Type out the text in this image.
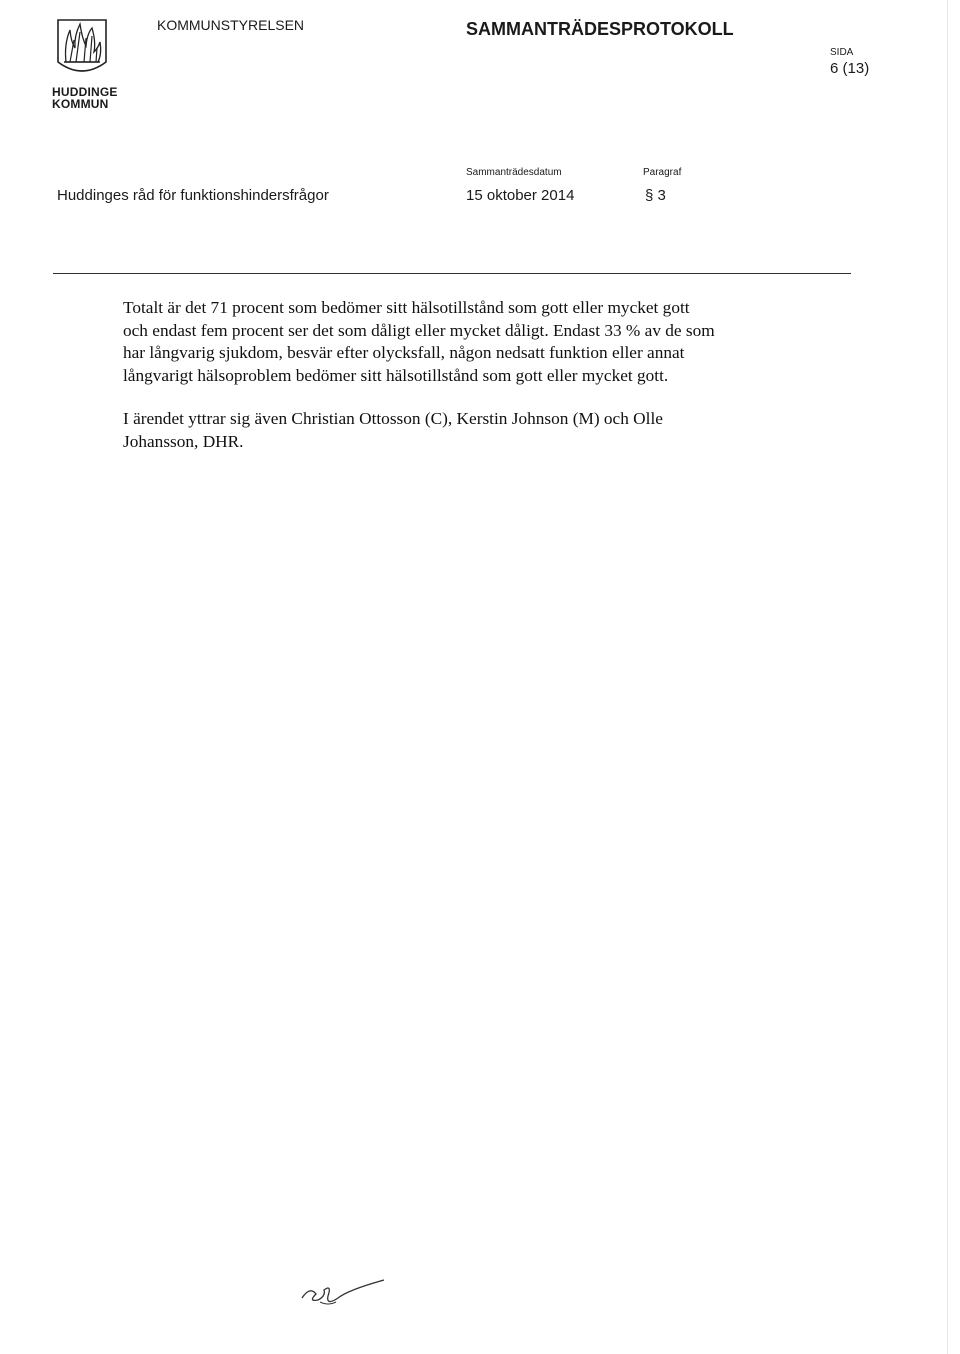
HUDDINGE
KOMMUN
KOMMUNSTYRELSEN	SAMMANTRÄDESPROTOKOLL
SIDA
6 (13)
Huddinges råd för funktionshindersfrågor
Sammanträdesdatum
15 oktober 2014
Paragraf
§ 3

Totalt är det 71 procent som bedömer sitt hälsotillstånd som gott eller mycket gott

och endast fem procent ser det som dåligt eller mycket dåligt. Endast 33 % av de som

har långvarig sjukdom, besvär efter olycksfall, någon nedsatt funktion eller annat

långvarigt hälsoproblem bedömer sitt hälsotillstånd som gott eller mycket gott.

I ärendet yttrar sig även Christian Ottosson (C), Kerstin Johnson (M) och Olle

Johansson, DHR.
